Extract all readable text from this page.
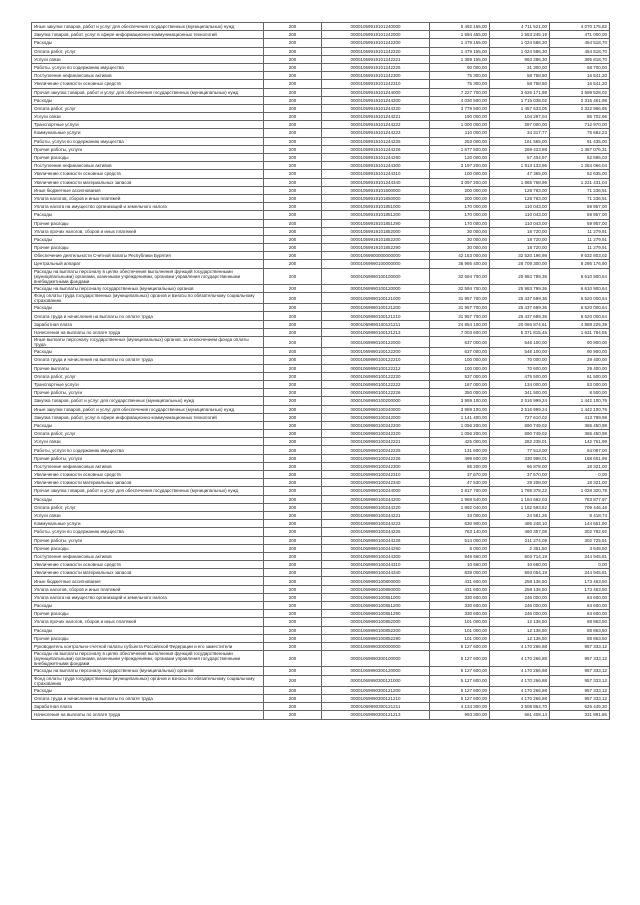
Иные закупки товаров, работ и услуг для обеспечения государственных (муниципальных) нужд	200	00001059919101240000	5 492 155,00	4 711 521,00	4 070 175,82
Закупка товаров, работ, услуг в сфере информационно-коммуникационных технологий	200	00001059919101242000	1 594 455,00	1 553 245,19	471 000,00
Расходы	200	00001059919101242200	1 479 155,00	1 024 586,30	454 518,70
Оплата работ, услуг	200	00001059919101242220	1 479 155,00	1 024 586,30	454 518,70
Услуги связи	200	00001059919101242221	1 389 155,00	993 286,30	395 818,70
Работы, услуги по содержанию имущества	200	00001059919101242225	90 000,00	31 300,00	58 700,00
Поступление нефинансовых активов	200	00001059919101242300	75 300,00	58 758,80	16 541,20
Увеличение стоимости основных средств	200	00001059919101242310	75 300,00	58 758,80	16 541,20
Прочая закупка товаров, работ и услуг для обеспечения государственных (муниципальных) нужд	200	00001059919101244000	7 227 700,00	3 626 171,98	3 599 528,02
Расходы	200	00001059919101244200	4 030 500,00	1 715 038,02	2 315 461,98
Оплата работ, услуг	200	00001059919101244220	3 779 500,00	1 457 633,05	2 322 966,95
Услуги связи	200	00001059919101244221	190 000,00	104 297,04	85 702,96
Транспортные услуги	200	00001059919101244222	1 000 000,00	287 000,00	712 970,00
Коммунальные услуги	200	00001059919101244223	110 000,00	34 317,77	75 682,23
Работы, услуги по содержанию имущества	200	00001059919101244225	253 000,00	161 565,00	91 435,00
Прочие работы, услуги	200	00001059919101244226	1 677 500,00	269 423,88	1 387 076,31
Прочие расходы	200	00001059919101244290	120 000,00	57 404,97	62 595,03
Поступление нефинансовых активов	200	00001059919101244300	3 197 200,00	1 913 133,96	1 284 066,04
Увеличение стоимости основных средств	200	00001059919101244310	100 000,00	47 365,00	52 635,00
Увеличение стоимости материальных запасов	200	00001059919101244340	3 097 200,00	1 865 768,96	1 231 431,04
Иные бюджетные ассигнования	200	00001059919101800000	200 000,00	128 763,00	71 236,91
Уплата налогов, сборов и иных платежей	200	00001059919101850000	200 000,00	128 763,00	71 236,91
Уплата налога на имущество организаций и земельного налога	200	00001059919101851000	170 000,00	110 043,00	59 957,00
Расходы	200	00001059919101851200	170 000,00	110 043,00	59 957,00
Прочие расходы	200	00001059919101851290	170 000,00	110 043,00	59 957,00
Уплата прочих налогов, сборов и иных платежей	200	00001059919101852000	30 000,00	18 720,00	11 279,91
Расходы	200	00001059919101852200	30 000,00	18 720,00	11 279,91
Прочие расходы	200	00001059919101852290	30 000,00	18 720,00	11 279,91
Обеспечение деятельности Счетной палаты Республики Бурятия	200	00001069900000000000	42 153 000,00	32 520 196,98	9 632 803,02
Центральный аппарат	200	00001069990100000000	36 995 400,00	28 709 300,00	8 286 176,90
Расходы на выплаты персоналу в целях обеспечения выполнения функций государственными (муниципальными) органами, казенными учреждениями, органами управления государственными внебюджетными фондами	200	00001069990100100000	32 594 700,00	25 983 799,36	6 610 900,64
Расходы на выплаты персоналу государственных (муниципальных) органов	200	00001069990100120000	32 594 700,00	25 983 799,36	6 610 900,64
Фонд оплаты труда государственных (муниципальных) органов и взносы по обязательному социальному страхованию	200	00001069990100121000	31 957 700,00	25 437 699,36	6 520 000,64
Расходы	200	00001069990100121200	31 957 700,00	25 437 699,36	6 520 000,64
Оплата труда и начисления на выплаты по оплате труда	200	00001069990100121210	31 957 700,00	25 437 699,36	6 520 000,64
Заработная плата	200	00001069990100121211	24 954 100,00	20 065 874,61	4 888 225,39
Начисления на выплаты по оплате труда	200	00001069990100121213	7 003 600,00	5 371 815,45	1 631 784,55
Иные выплаты персоналу государственных (муниципальных) органов, за исключением фонда оплаты труда	200	00001069990100122000	637 000,00	546 100,00	90 900,00
Расходы	200	00001069990100122200	637 000,00	546 100,00	90 900,00
Оплата труда и начисления на выплаты по оплате труда	200	00001069990100122210	100 000,00	70 000,00	29 400,00
Прочие выплаты	200	00001069990100122212	100 000,00	70 600,00	29 400,00
Оплата работ, услуг	200	00001069990100122220	537 000,00	475 500,00	61 500,00
Транспортные услуги	200	00001069990100122222	167 000,00	134 000,00	53 000,00
Прочие работы, услуги	200	00001069990100122226	350 000,00	341 500,00	8 500,00
Закупка товаров, работ и услуг для государственных (муниципальных) нужд	200	00001069990100200000	3 959 100,00	2 516 999,24	1 442 100,76
Иные закупки товаров, работ и услуг для обеспечения государственных (муниципальных) нужд	200	00001069990100240000	3 959 100,00	2 516 999,24	1 442 100,76
Закупка товаров, работ, услуг в сфере информационно-коммуникационных технологий	200	00001069990100242000	1 141 400,00	727 610,02	413 789,98
Расходы	200	00001069990100242200	1 056 200,00	690 749,02	365 450,98
Оплата работ, услуг	200	00001069990100242220	1 056 200,00	690 749,02	365 450,98
Услуги связи	200	00001069990100242221	425 000,00	282 238,01	142 761,99
Работы, услуги по содержанию имущества	200	00001069990100242225	131 600,00	77 513,00	54 087,00
Прочие работы, услуги	200	00001069990100242226	499 600,00	330 998,01	168 601,99
Поступление нефинансовых активов	200	00001069990100242300	85 200,00	66 878,00	18 321,00
Увеличение стоимости основных средств	200	00001069990100242310	37 670,00	37 670,00	0,00
Увеличение стоимости материальных запасов	200	00001069990100242340	47 530,00	29 208,00	18 321,00
Прочая закупка товаров, работ и услуг для обеспечения государственных (муниципальных) нужд	200	00001069990100244000	2 817 700,00	1 789 378,22	1 028 320,78
Расходы	200	00001069990100244200	1 968 540,00	1 184 662,03	783 877,97
Оплата работ, услуг	200	00001069990100244220	1 892 040,00	1 182 593,52	709 446,48
Услуги связи	200	00001069990100244221	33 000,00	24 581,26	8 418,74
Коммунальные услуги	200	00001069990100244223	630 900,00	486 248,10	144 651,90
Работы, услуги по содержанию имущества	200	00001069990100244225	763 140,00	460 357,08	302 782,92
Прочие работы, услуги	200	00001069990100244226	514 000,00	211 274,09	302 725,91
Прочие расходы	200	00001069990100244290	6 000,00	2 351,50	3 648,50
Поступление нефинансовых активов	200	00001069990100244300	849 660,00	603 714,19	244 945,81
Увеличение стоимости основных средств	200	00001069990100244310	10 660,00	10 660,00	0,00
Увеличение стоимости материальных запасов	200	00001069990100244340	839 000,00	593 054,19	244 945,81
Иные бюджетные ассигнования	200	00001069990100800000	431 600,00	258 136,50	173 463,50
Уплата налогов, сборов и иных платежей	200	00001069990100850000	431 600,00	258 136,50	173 463,50
Уплата налога на имущество организаций и земельного налога	200	00001069990100851000	330 600,00	246 000,00	84 600,00
Расходы	200	00001069990100851200	330 600,00	246 000,00	84 600,00
Прочие расходы	200	00001069990100851290	330 600,00	246 000,00	84 600,00
Уплата прочих налогов, сборов и иных платежей	200	00001069990100852000	101 000,00	12 136,50	88 863,50
Расходы	200	00001069990100852200	101 000,00	12 136,50	88 863,50
Прочие расходы	200	00001069990100852290	101 000,00	12 136,50	88 863,50
Руководитель контрольно-счетной палаты субъекта Российской Федерации и его заместители	200	00001069990300000000	5 127 600,00	4 170 266,88	957 333,12
Расходы на выплаты персоналу в целях обеспечения выполнения функций государственными (муниципальными) органами, казенными учреждениями, органами управления государственными внебюджетными фондами	200	00001069990300100000	5 127 600,00	4 170 266,88	957 333,12
Расходы на выплаты персоналу государственных (муниципальных) органов	200	00001069990300120000	5 127 600,00	4 170 266,88	957 333,12
Фонд оплаты труда государственных (муниципальных) органов и взносы по обязательному социальному страхованию	200	00001069990300121000	5 127 600,00	4 170 266,88	957 333,12
Расходы	200	00001069990300121200	5 127 600,00	4 170 266,88	957 333,12
Оплата труда и начисления на выплаты по оплате труда	200	00001069990300121210	5 127 600,00	4 170 266,88	957 333,12
Заработная плата	200	00001069990300121211	4 134 300,00	3 508 854,70	625 445,30
Начисления на выплаты по оплате труда	200	00001069990300121213	993 300,00	661 408,14	331 891,86
